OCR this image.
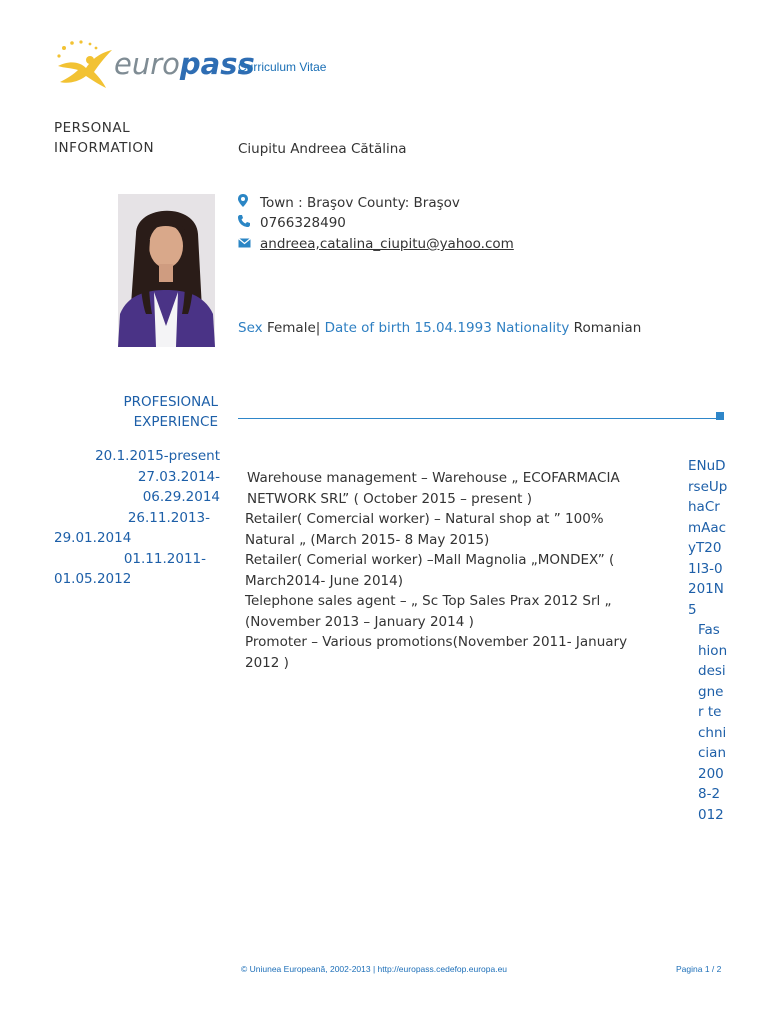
europass
Curriculum Vitae
PERSONAL
INFORMATION	Ciupitu Andreea Cătălina
Town : Braşov County: Braşov
0766328490
andreea,catalina_ciupitu@yahoo.com
Sex Female| Date of birth 15.04.1993 Nationality Romanian
PROFESIONAL
EXPERIENCE
20.1.2015-present
27.03.2014-
06.29.2014
26.11.2013-
29.01.2014
01.11.2011-
01.05.2012
Warehouse management – Warehouse „ ECOFARMACIA NETWORK SRL” ( October 2015 – present )
Retailer( Comercial worker) – Natural shop at ” 100% Natural „ (March 2015- 8 May 2015)
Retailer( Comerial worker) –Mall Magnolia „MONDEX” ( March2014- June 2014)
Telephone sales agent – „ Sc Top Sales Prax 2012 Srl „ (November 2013 – January 2014 )
Promoter – Various promotions(November 2011- January 2012 )
ENuDrseUphaCrmAacyT201I3-0201N5
Fashion designer technician 2008-2012
© Uniunea Europeană, 2002-2013 | http://europass.cedefop.europa.eu	Pagina 1 / 2
